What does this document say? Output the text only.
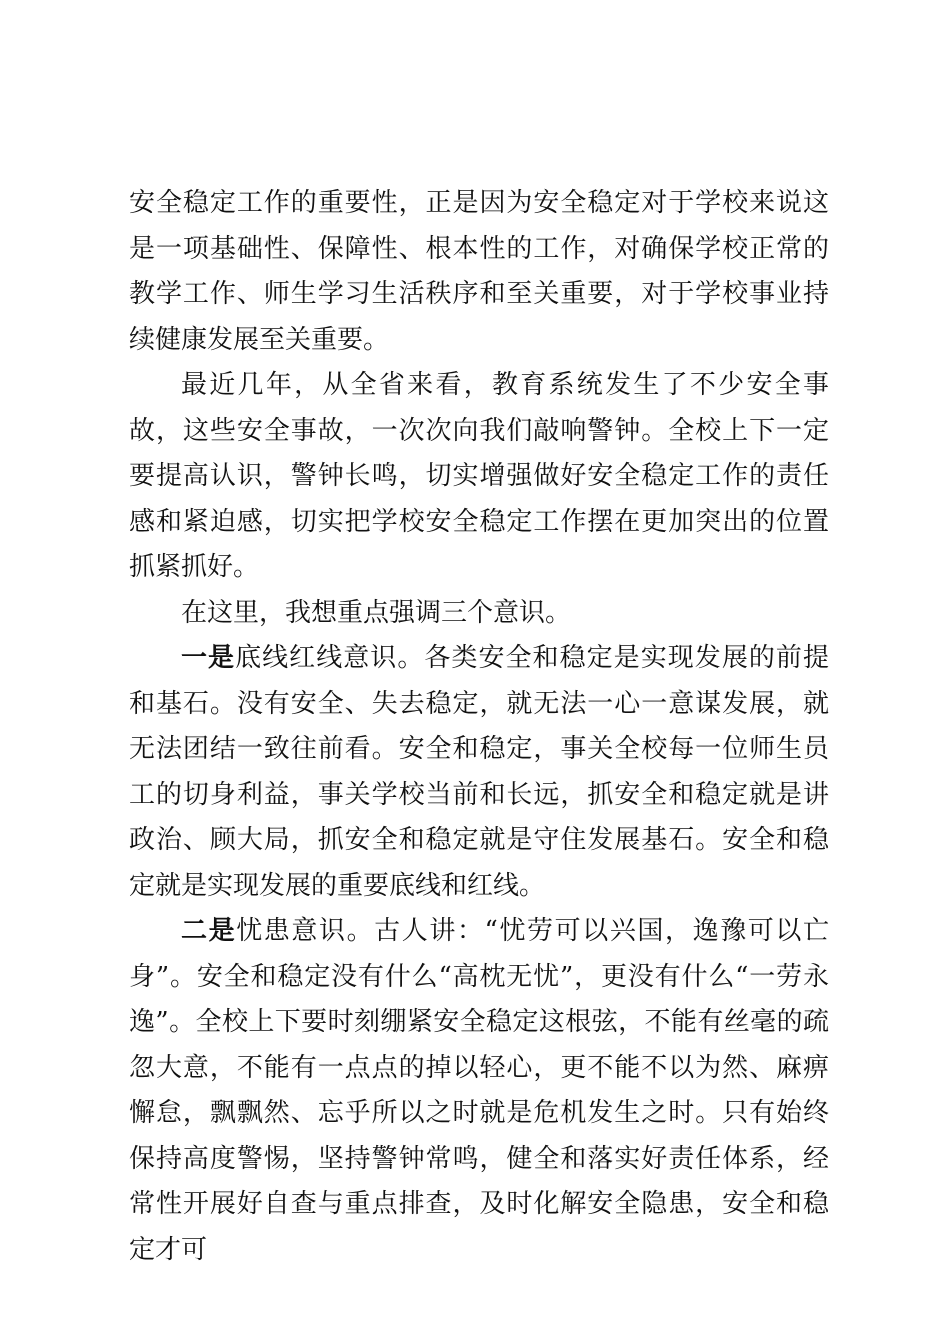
安全稳定工作的重要性，正是因为安全稳定对于学校来说这是一项基础性、保障性、根本性的工作，对确保学校正常的教学工作、师生学习生活秩序和至关重要，对于学校事业持续健康发展至关重要。

最近几年，从全省来看，教育系统发生了不少安全事故，这些安全事故，一次次向我们敲响警钟。全校上下一定要提高认识，警钟长鸣，切实增强做好安全稳定工作的责任感和紧迫感，切实把学校安全稳定工作摆在更加突出的位置抓紧抓好。

在这里，我想重点强调三个意识。

一是底线红线意识。各类安全和稳定是实现发展的前提和基石。没有安全、失去稳定，就无法一心一意谋发展，就无法团结一致往前看。安全和稳定，事关全校每一位师生员工的切身利益，事关学校当前和长远，抓安全和稳定就是讲政治、顾大局，抓安全和稳定就是守住发展基石。安全和稳定就是实现发展的重要底线和红线。

二是忧患意识。古人讲：“忧劳可以兴国，逸豫可以亡身”。安全和稳定没有什么“高枕无忧”，更没有什么“一劳永逸”。全校上下要时刻绷紧安全稳定这根弦，不能有丝毫的疏忽大意，不能有一点点的掉以轻心，更不能不以为然、麻痹懈怠，飘飘然、忘乎所以之时就是危机发生之时。只有始终保持高度警惕，坚持警钟常鸣，健全和落实好责任体系，经常性开展好自查与重点排查，及时化解安全隐患，安全和稳定才可
